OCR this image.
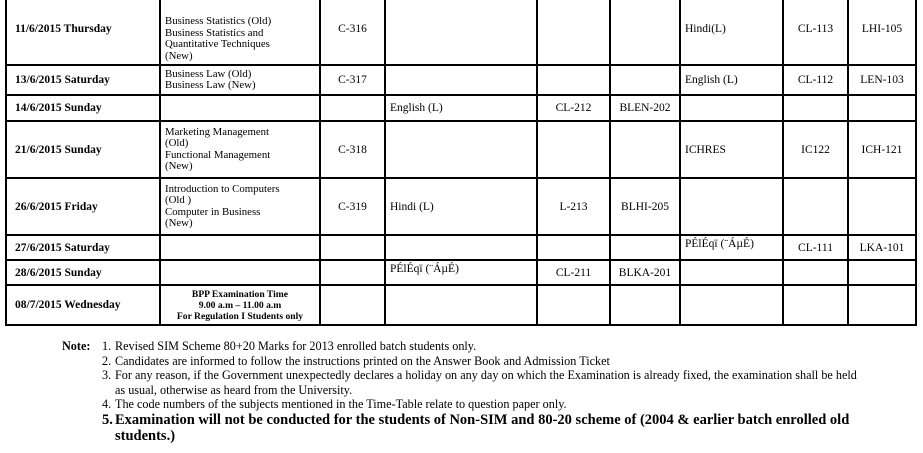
11/6/2015 Thursday	Business Statistics (Old)
Business Statistics and
Quantitative Techniques
(New)	C-316				Hindi(L)	CL-113	LHI-105
13/6/2015 Saturday	Business Law (Old)
Business Law (New)	C-317				English (L)	CL-112	LEN-103
14/6/2015 Sunday			English (L)	CL-212	BLEN-202			
21/6/2015 Sunday	Marketing Management
(Old)
Functional Management
(New)	C-318				ICHRES	IC122	ICH-121
26/6/2015 Friday	Introduction to Computers
(Old )
Computer in Business
(New)	C-319	Hindi (L)	L-213	BLHI-205			
27/6/2015 Saturday						PÉlÉqï (¨ÁµÉ)	CL-111	LKA-101
28/6/2015 Sunday			PÉlÉqï (¨ÁµÉ)	CL-211	BLKA-201			
08/7/2015 Wednesday	BPP Examination Time
9.00 a.m – 11.00 a.m
For Regulation I Students only							

Note: 1. Revised SIM Scheme 80+20 Marks for 2013 enrolled batch students only.
2. Candidates are informed to follow the instructions printed on the Answer Book and Admission Ticket
3. For any reason, if the Government unexpectedly declares a holiday on any day on which the Examination is already fixed, the examination shall be held as usual, otherwise as heard from the University.
4. The code numbers of the subjects mentioned in the Time-Table relate to question paper only.
5. Examination will not be conducted for the students of Non-SIM and 80-20 scheme of (2004 & earlier batch enrolled old students.)
